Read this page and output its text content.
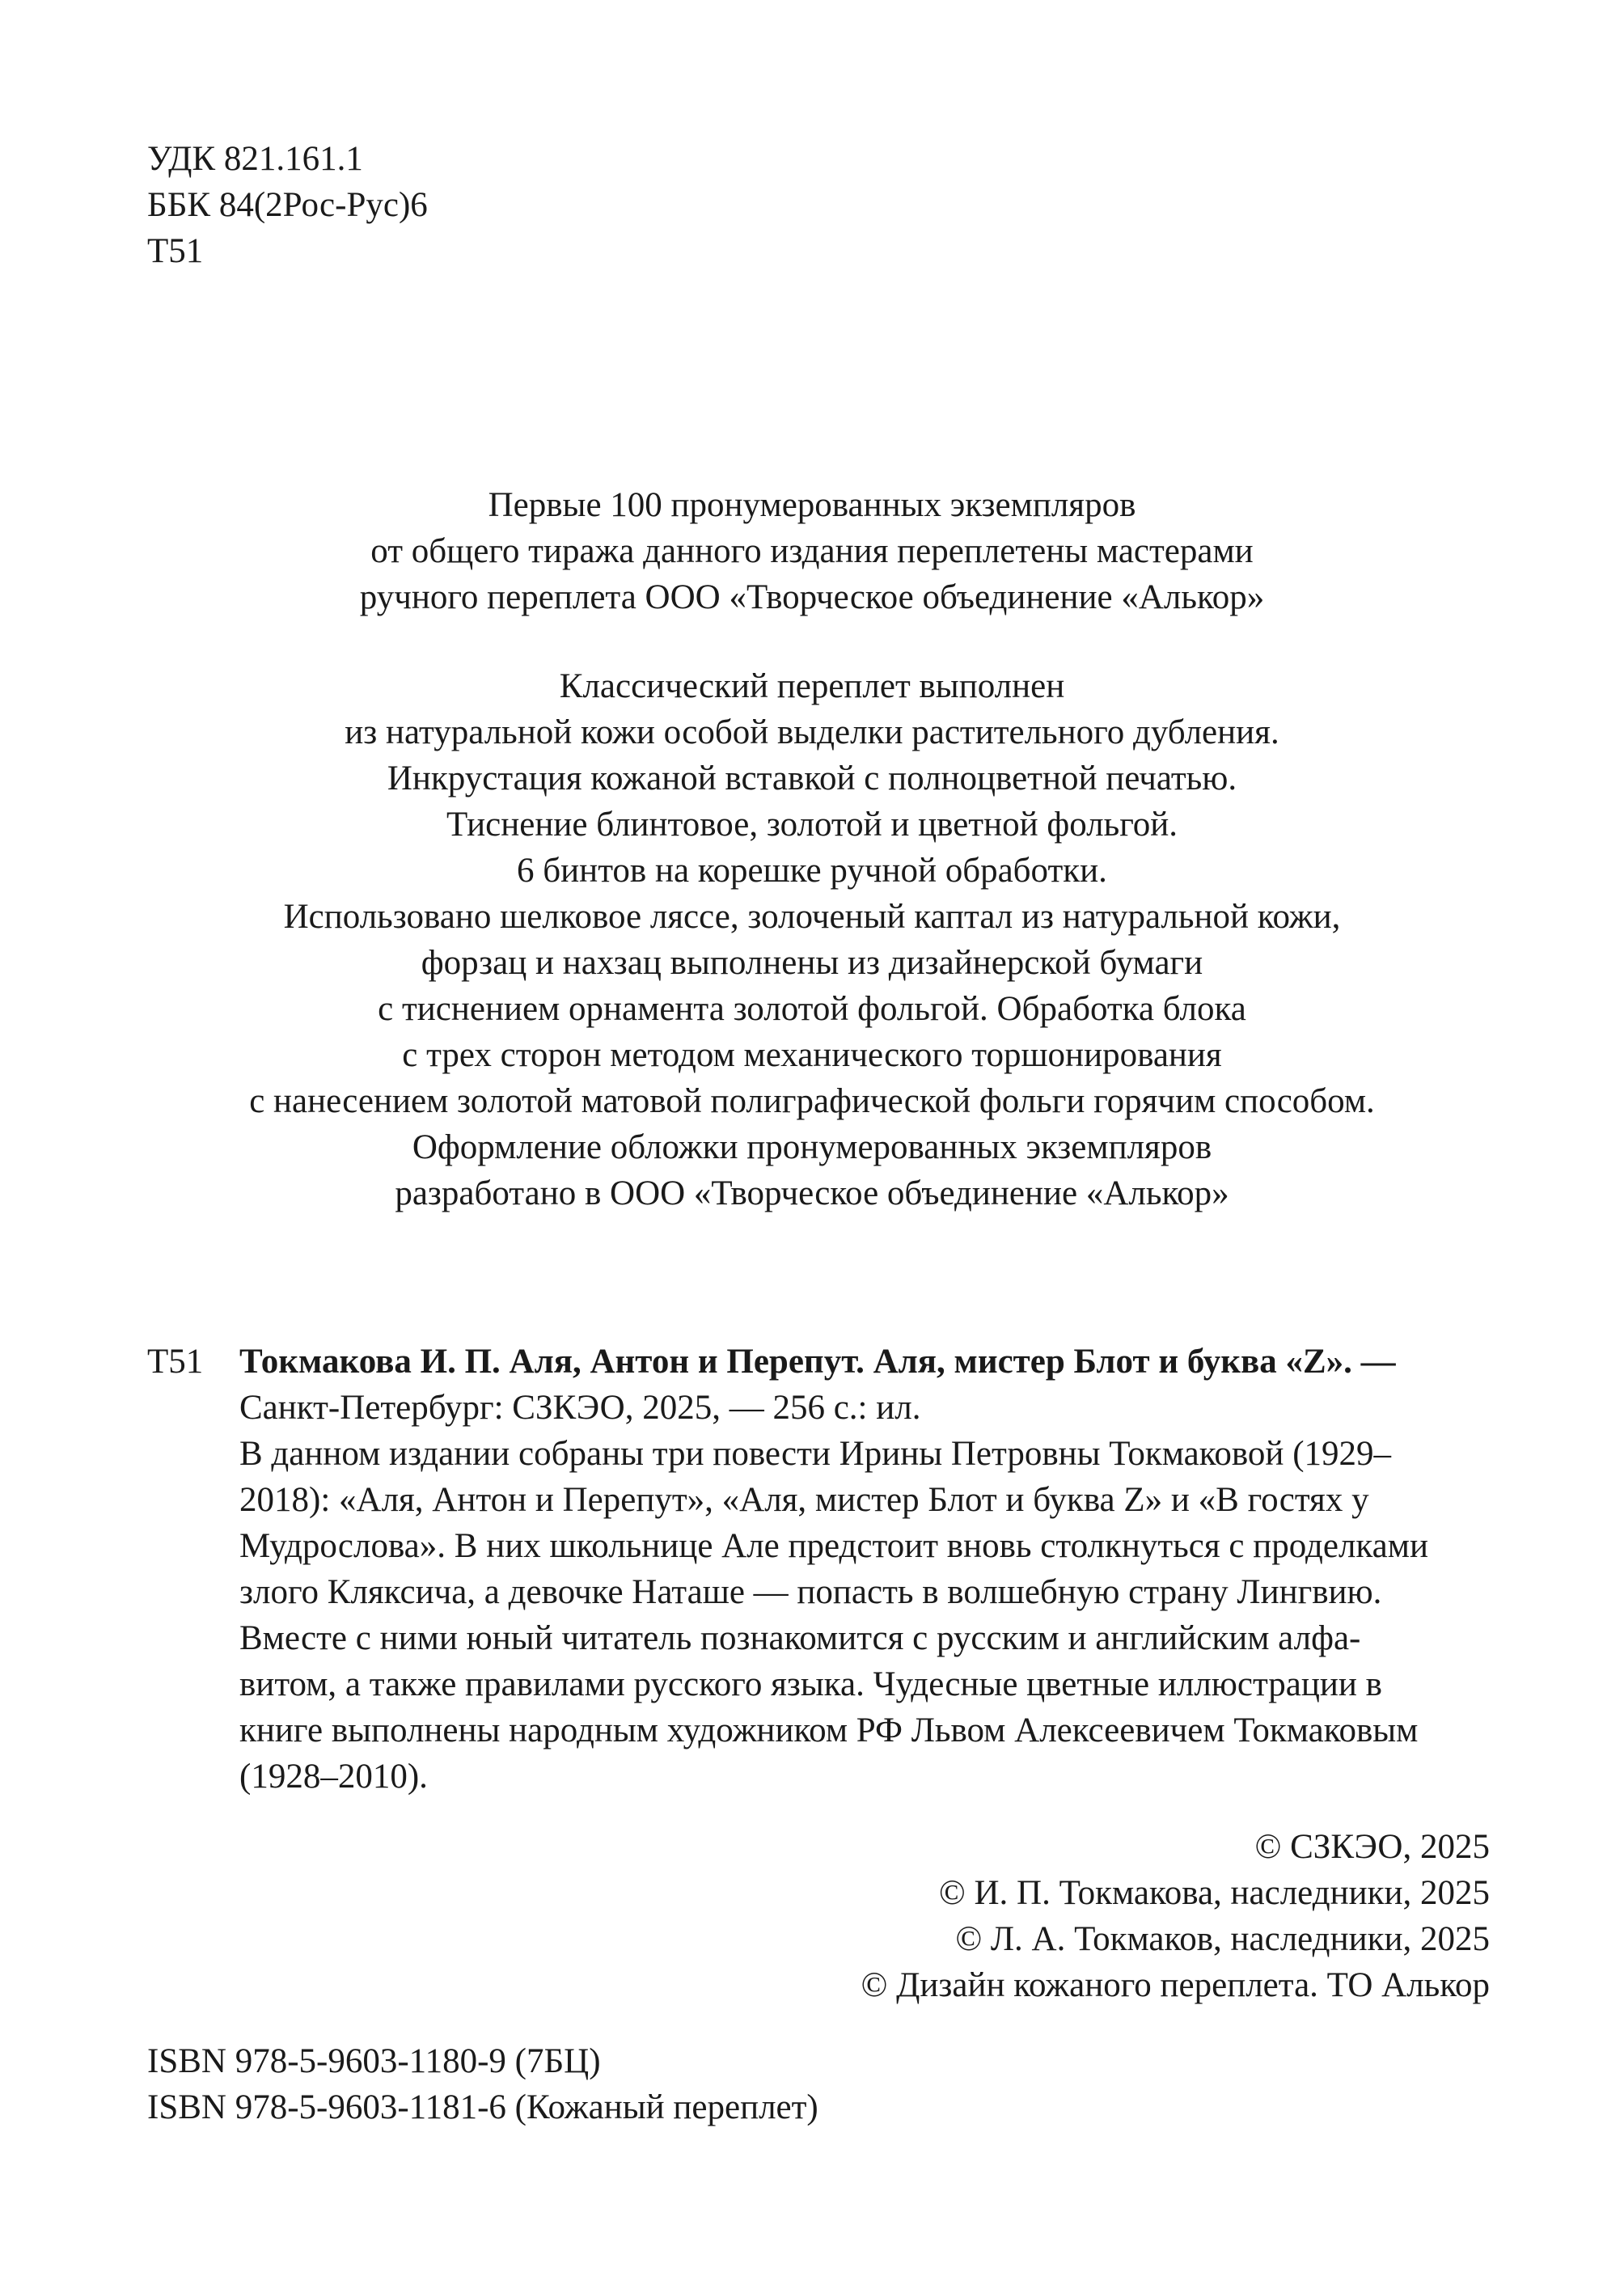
УДК 821.161.1
ББК 84(2Рос-Рус)6
Т51
Первые 100 пронумерованных экземпляров
от общего тиража данного издания переплетены мастерами
ручного переплета ООО «Творческое объединение «Алькор»
Классический переплет выполнен
из натуральной кожи особой выделки растительного дубления.
Инкрустация кожаной вставкой с полноцветной печатью.
Тиснение блинтовое, золотой и цветной фольгой.
6 бинтов на корешке ручной обработки.
Использовано шелковое ляссе, золоченый каптал из натуральной кожи,
форзац и нахзац выполнены из дизайнерской бумаги
с тиснением орнамента золотой фольгой. Обработка блока
с трех сторон методом механического торшонирования
с нанесением золотой матовой полиграфической фольги горячим способом.
Оформление обложки пронумерованных экземпляров
разработано в ООО «Творческое объединение «Алькор»
Т51 Токмакова И. П. Аля, Антон и Перепут. Аля, мистер Блот и буква «Z». —
Санкт-Петербург: СЗКЭО, 2025, — 256 с.: ил.
В данном издании собраны три повести Ирины Петровны Токмаковой (1929–
2018): «Аля, Антон и Перепут», «Аля, мистер Блот и буква Z» и «В гостях у
Мудрослова». В них школьнице Але предстоит вновь столкнуться с проделками
злого Кляксича, а девочке Наташе — попасть в волшебную страну Лингвию.
Вместе с ними юный читатель познакомится с русским и английским алфа-
витом, а также правилами русского языка. Чудесные цветные иллюстрации в
книге выполнены народным художником РФ Львом Алексеевичем Токмаковым
(1928–2010).
© СЗКЭО, 2025
© И. П. Токмакова, наследники, 2025
© Л. А. Токмаков, наследники, 2025
© Дизайн кожаного переплета. ТО Алькор
ISBN 978-5-9603-1180-9 (7БЦ)
ISBN 978-5-9603-1181-6 (Кожаный переплет)
